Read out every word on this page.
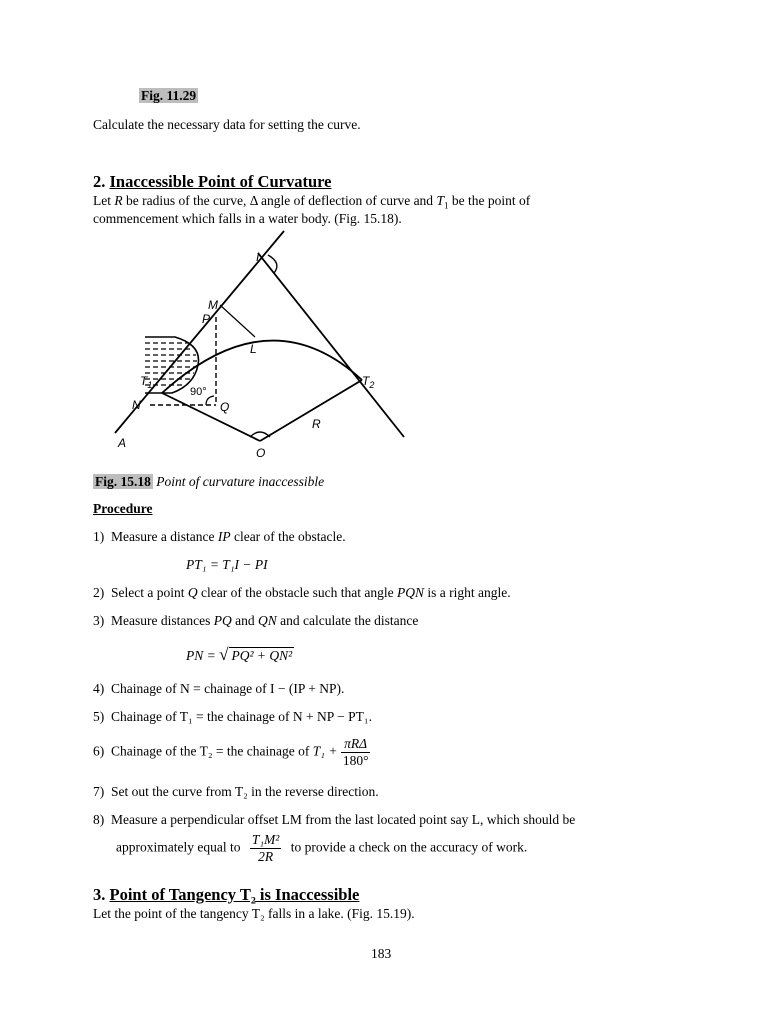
Fig. 11.29
Calculate the necessary data for setting the curve.
2. Inaccessible Point of Curvature
Let R be radius of the curve, Δ angle of deflection of curve and $T_1$ be the point of
commencement which falls in a water body. (Fig. 15.18).
I
M
P
L
$T_1$	$T_2$
90°
N	Q
R
A
O
Fig. 15.18 Point of curvature inaccessible
Procedure
1) Measure a distance IP clear of the obstacle.
PT₁ = T₁I − PI
2) Select a point Q clear of the obstacle such that angle PQN is a right angle.
3) Measure distances PQ and QN and calculate the distance
PN = √ PQ² + QN²
4) Chainage of N = chainage of I − (IP + NP).
5) Chainage of T₁ = the chainage of N + NP − PT₁.
6) Chainage of the T₂ = the chainage of $T_1 + \frac{\text{πRΔ}}{180^\circ}$
7) Set out the curve from T₂ in the reverse direction.
8) Measure a perpendicular offset LM from the last located point say L, which should be
approximately equal to $\frac{\text{T₁M²}}{2R}$ to provide a check on the accuracy of work.
3. Point of Tangency T₂ is Inaccessible
Let the point of the tangency T₂ falls in a lake. (Fig. 15.19).
183
